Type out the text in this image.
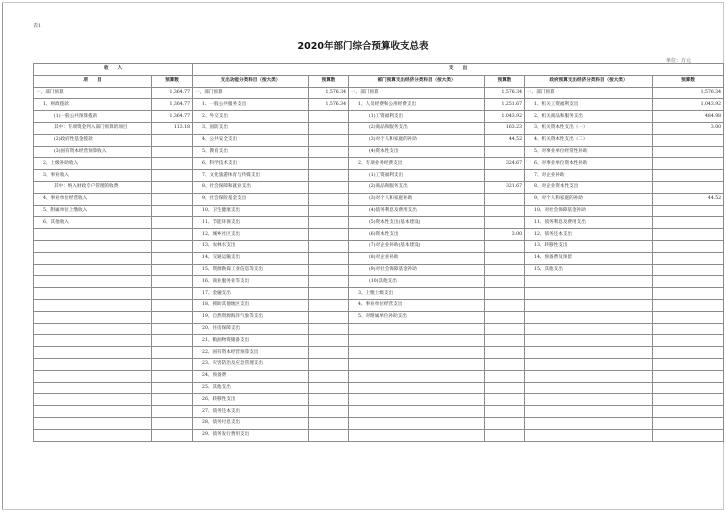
表1
2020年部门综合预算收支总表
单位：万元
收　　入		支　　出					
项　　目	预算数	支出功能分类科目（按大类）	预算数	部门预算支出经济分类科目（按大类）	预算数	政府预算支出经济分类科目（按大类）	预算数
一、部门预算	1,364.77	一、部门预算	1,576.34	一、部门预算	1,576.34	一、部门预算	1,576.34
1、财政拨款	1,364.77	1、一般公共服务支出	1,576.34	1、人员经费和公用经费支出	1,251.67	1、机关工资福利支出	1,043.92
(1)一般公共预算拨款	1,364.77	2、外交支出		(1)工资福利支出	1,043.92	2、机关商品和服务支出	484.98
其中：专项资金列入部门预算的项目	113.18	3、国防支出		(2)商品和服务支出	163.23	3、机关资本性支出（一）	3.00
(2)政府性基金拨款		4、公共安全支出		(3)对个人和家庭的补助	44.52	4、机关资本性支出（二）	
(3)国有资本经营预算收入		5、教育支出		(4)资本性支出		5、对事业单位经常性补助	
2、上级补助收入		6、科学技术支出		2、专项业务经费支出	324.67	6、对事业单位资本性补助	
3、事业收入		7、文化旅游体育与传媒支出		(1)工资福利支出		7、对企业补助	
其中：纳入财政专户管理的收费		8、社会保障和就业支出		(2)商品和服务支出	321.67	8、对企业资本性支出	
4、事业单位经营收入		9、社会保险基金支出		(3)对个人和家庭补助		9、对个人和家庭的补助	44.52
5、附属单位上缴收入		10、卫生健康支出		(4)债务利息及费用支出		10、对社会保障基金补助	
6、其他收入		11、节能环保支出		(5)资本性支出(基本建设)		11、债务利息及费用支出	
		12、城乡社区支出		(6)资本性支出	3.00	12、债务还本支出	
		13、农林水支出		(7)对企业补助(基本建设)		13、转移性支出	
		14、交通运输支出		(8)对企业补助		14、预备费及预留	
		15、资源勘探工业信息等支出		(9)对社会保障基金补助		15、其他支出	
		16、商业服务业等支出		(10)其他支出			
		17、金融支出		3、上缴上级支出			
		18、援助其他地区支出		4、事业单位经营支出			
		19、自然资源海洋气象等支出		5、对附属单位补助支出			
		20、住房保障支出					
		21、粮油物资储备支出					
		22、国有资本经营预算支出					
		23、灾害防治及应急管理支出					
		24、预备费					
		25、其他支出					
		26、转移性支出					
		27、债务还本支出					
		28、债务付息支出					
		29、债务发行费用支出					
